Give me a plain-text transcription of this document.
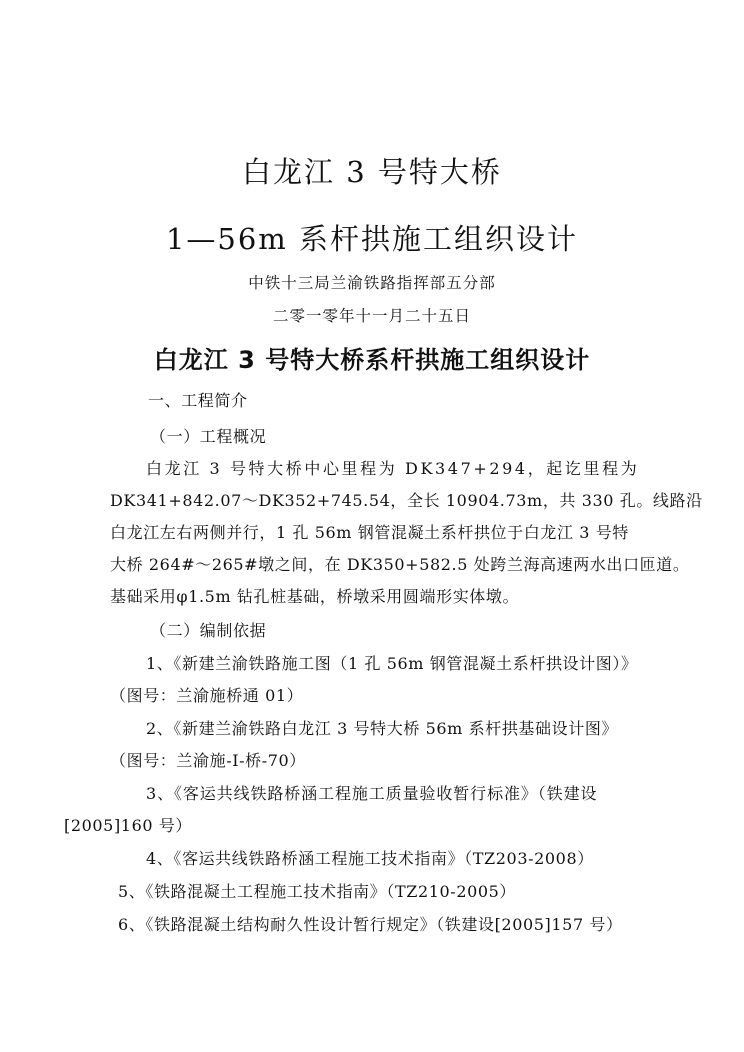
白龙江 3 号特大桥
1—56m 系杆拱施工组织设计
中铁十三局兰渝铁路指挥部五分部
二零一零年十一月二十五日
白龙江 3 号特大桥系杆拱施工组织设计
一、工程简介
（一）工程概况
白龙江 3 号特大桥中心里程为 DK347+294，起讫里程为
DK341+842.07～DK352+745.54，全长 10904.73m，共 330 孔。线路沿
白龙江左右两侧并行，1 孔 56m 钢管混凝土系杆拱位于白龙江 3 号特
大桥 264#～265#墩之间，在 DK350+582.5 处跨兰海高速两水出口匝道。
基础采用φ1.5m 钻孔桩基础，桥墩采用圆端形实体墩。
（二）编制依据
1、《新建兰渝铁路施工图（1 孔 56m 钢管混凝土系杆拱设计图）》
（图号：兰渝施桥通 01）
2、《新建兰渝铁路白龙江 3 号特大桥 56m 系杆拱基础设计图》
（图号：兰渝施-I-桥-70）
3、《客运共线铁路桥涵工程施工质量验收暂行标准》（铁建设
[2005]160 号）
4、《客运共线铁路桥涵工程施工技术指南》（TZ203-2008）
5、《铁路混凝土工程施工技术指南》（TZ210-2005）
6、《铁路混凝土结构耐久性设计暂行规定》（铁建设[2005]157 号）
